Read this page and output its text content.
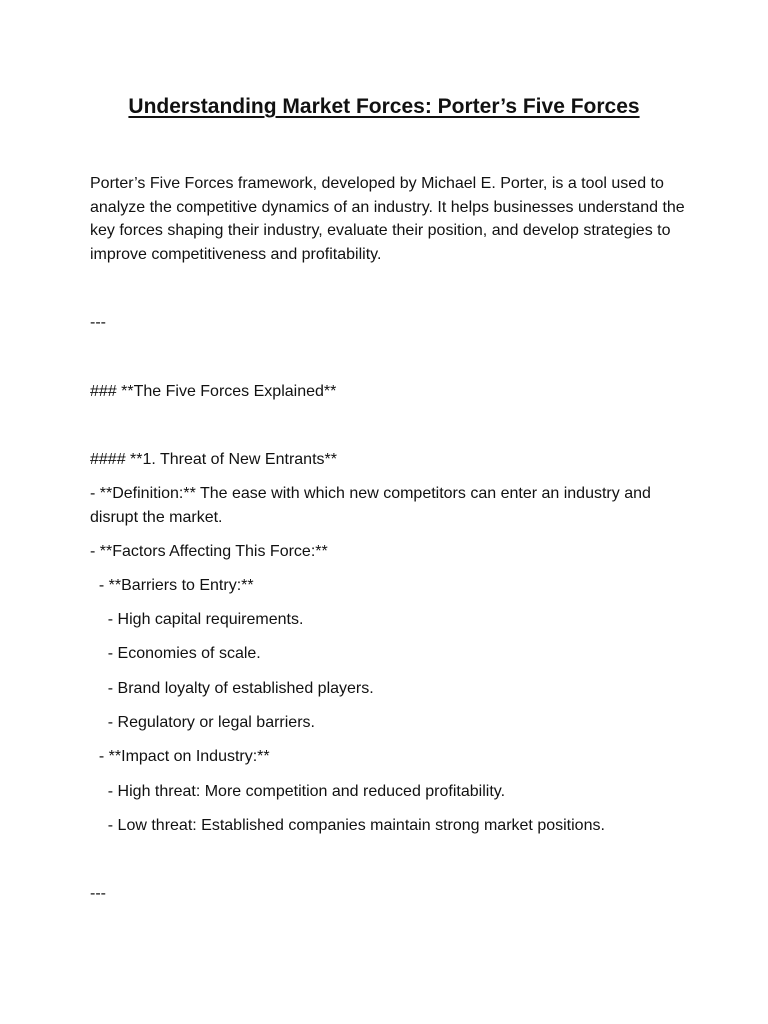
Understanding Market Forces: Porter’s Five Forces

Porter’s Five Forces framework, developed by Michael E. Porter, is a tool used to analyze the competitive dynamics of an industry. It helps businesses understand the key forces shaping their industry, evaluate their position, and develop strategies to improve competitiveness and profitability.

---
### **The Five Forces Explained**
#### **1. Threat of New Entrants**
- **Definition:** The ease with which new competitors can enter an industry and disrupt the market.
- **Factors Affecting This Force:**
- **Barriers to Entry:**
- High capital requirements.
- Economies of scale.
- Brand loyalty of established players.
- Regulatory or legal barriers.
- **Impact on Industry:**
- High threat: More competition and reduced profitability.
- Low threat: Established companies maintain strong market positions.
---
